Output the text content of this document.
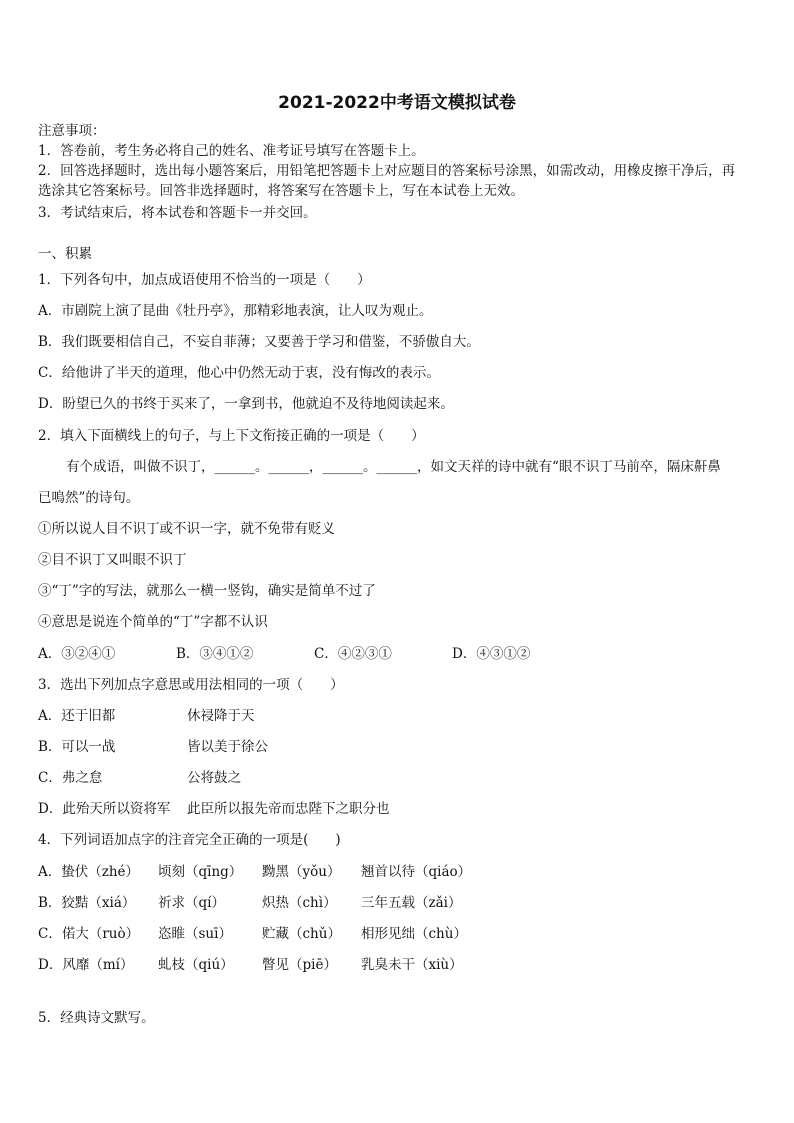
2021-2022中考语文模拟试卷
注意事项：
1．答卷前，考生务必将自己的姓名、准考证号填写在答题卡上。
2．回答选择题时，选出每小题答案后，用铅笔把答题卡上对应题目的答案标号涂黑，如需改动，用橡皮擦干净后，再
选涂其它答案标号。回答非选择题时，将答案写在答题卡上，写在本试卷上无效。
3．考试结束后，将本试卷和答题卡一并交回。
一、积累
1．下列各句中，加点成语使用不恰当的一项是（　　）
A．市剧院上演了昆曲《牡丹亭》，那精彩地表演，让人叹为观止。
B．我们既要相信自己，不妄自菲薄；又要善于学习和借鉴，不骄傲自大。
C．给他讲了半天的道理，他心中仍然无动于衷，没有悔改的表示。
D．盼望已久的书终于买来了，一拿到书，他就迫不及待地阅读起来。
2．填入下面横线上的句子，与上下文衔接正确的一项是（　　）
有个成语，叫做不识丁，______。______，______。______，如文天祥的诗中就有“眼不识丁马前卒，隔床鼾鼻
已嗚然”的诗句。
①所以说人目不识丁或不识一字，就不免带有贬义
②目不识丁又叫眼不识丁
③“丁”字的写法，就那么一横一竖钩，确实是简单不过了
④意思是说连个简单的“丁”字都不认识
A．③②④①	B．③④①②	C．④②③①	D．④③①②
3．选出下列加点字意思或用法相同的一项（　　）
A．还于旧都	休祲降于天
B．可以一战	皆以美于徐公
C．弗之怠	公将鼓之
D．此殆天所以资将军 此臣所以报先帝而忠陛下之职分也
4．下列词语加点字的注音完全正确的一项是(　　)
A．蛰伏（zhé） 顷刻（qīng） 黝黑（yǒu） 翘首以待（qiáo）
B．狡黠（xiá） 祈求（qí）	炽热（chì） 三年五载（zǎi）
C．偌大（ruò） 恣睢（suī） 贮藏（chǔ） 相形见绌（chù）
D．风靡（mí） 虬枝（qiú） 瞥见（piē） 乳臭未干（xiù）
5．经典诗文默写。
